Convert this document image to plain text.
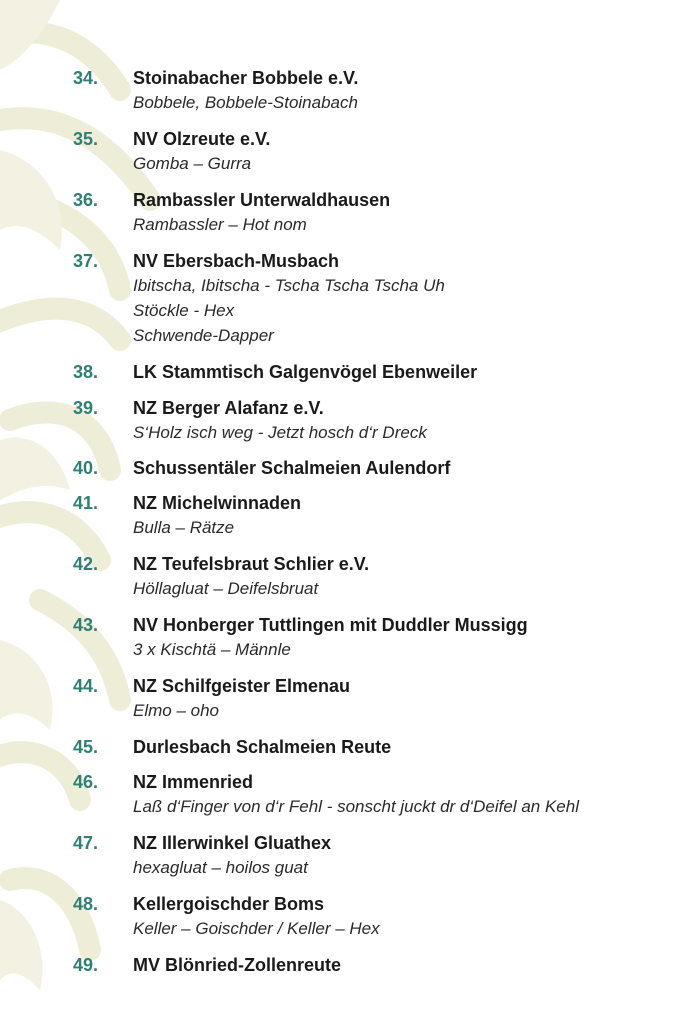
34. Stoinabacher Bobbele e.V.
Bobbele, Bobbele-Stoinabach
35. NV Olzreute e.V.
Gomba – Gurra
36. Rambassler Unterwaldhausen
Rambassler – Hot nom
37. NV Ebersbach-Musbach
Ibitscha, Ibitscha - Tscha Tscha Tscha Uh
Stöckle - Hex
Schwende-Dapper
38. LK Stammtisch Galgenvögel Ebenweiler
39. NZ Berger Alafanz e.V.
S‘Holz isch weg - Jetzt hosch d‘r Dreck
40. Schussentäler Schalmeien Aulendorf
41. NZ Michelwinnaden
Bulla – Rätze
42. NZ Teufelsbraut Schlier e.V.
Höllagluat – Deifelsbruat
43. NV Honberger Tuttlingen mit Duddler Mussigg
3 x Kischtä – Männle
44. NZ Schilfgeister Elmenau
Elmo – oho
45. Durlesbach Schalmeien Reute
46. NZ Immenried
Laß d‘Finger von d‘r Fehl - sonscht juckt dr d‘Deifel an Kehl
47. NZ Illerwinkel Gluathex
hexagluat – hoilos guat
48. Kellergoischder Boms
Keller – Goischder / Keller – Hex
49. MV Blönried-Zollenreute
